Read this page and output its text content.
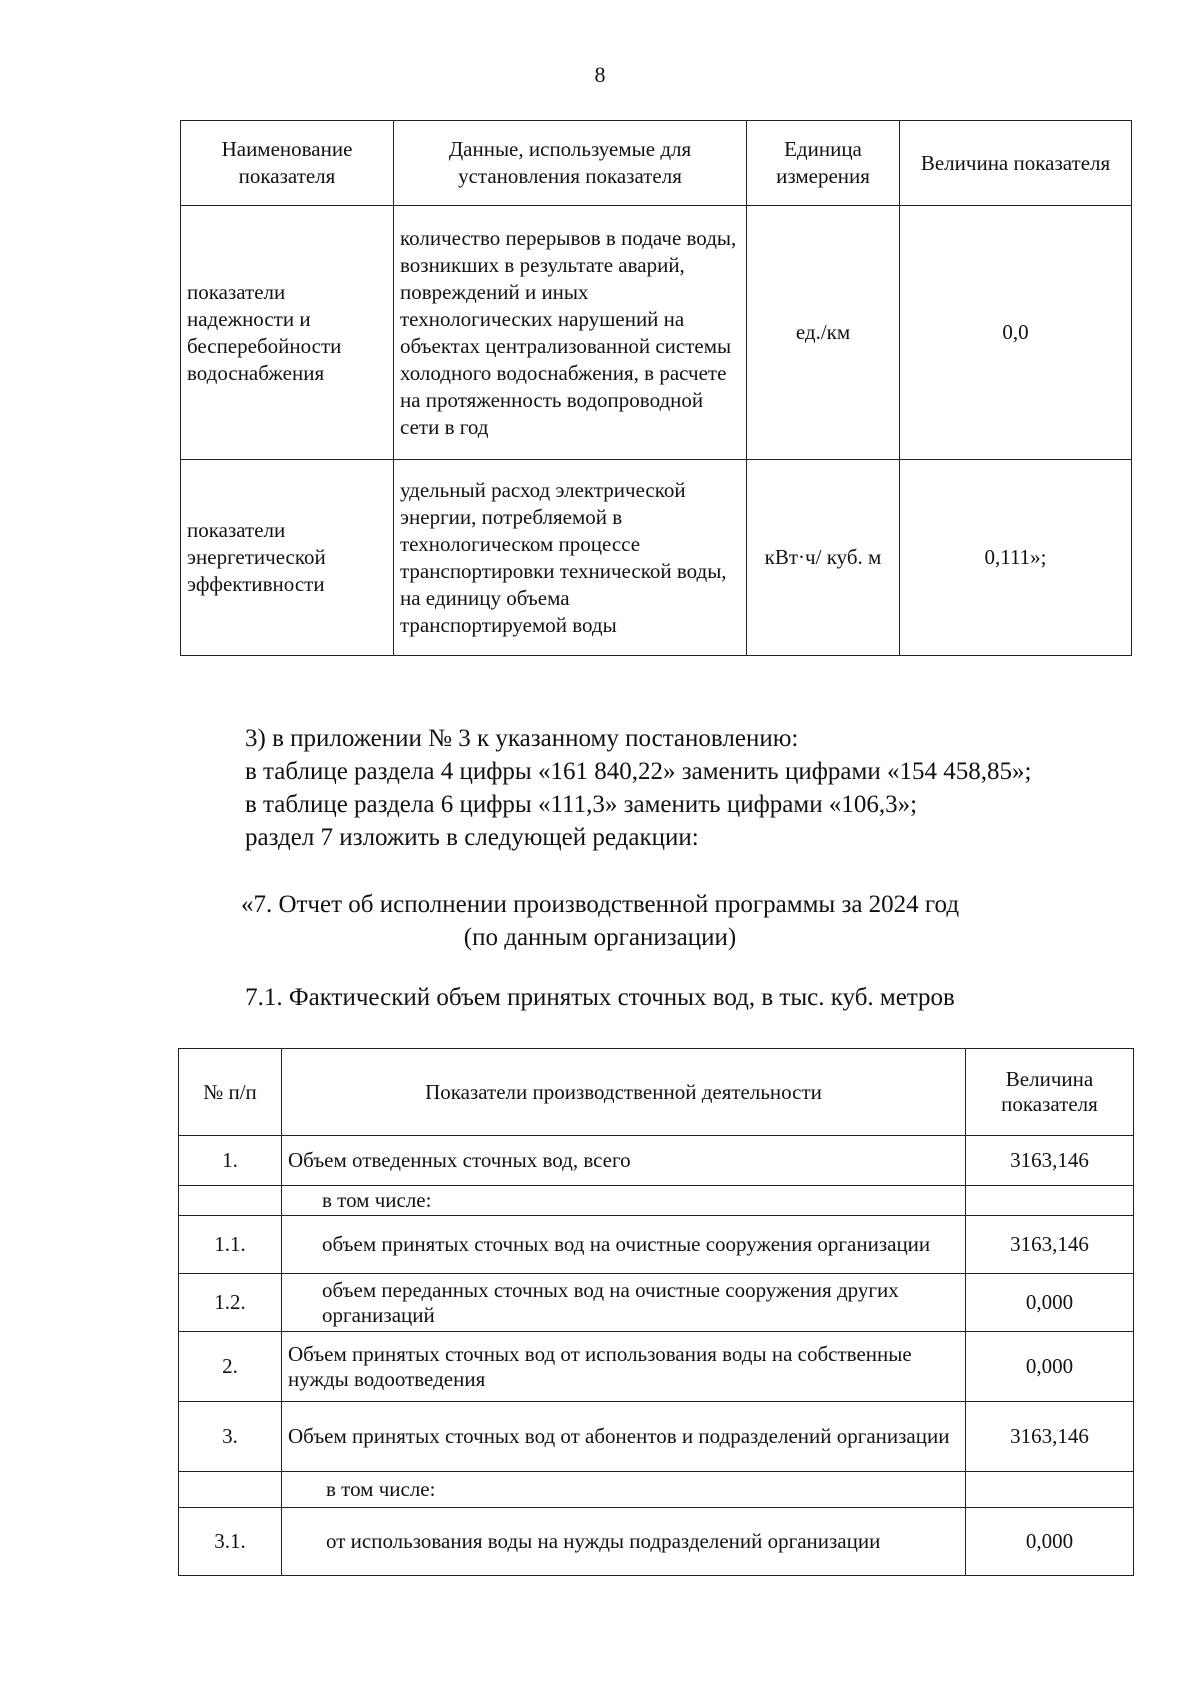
8
Наименование показателя	Данные, используемые для установления показателя	Единица измерения	Величина показателя
показатели надежности и бесперебойности водоснабжения	количество перерывов в подаче воды, возникших в результате аварий, повреждений и иных технологических нарушений на объектах централизованной системы холодного водоснабжения, в расчете на протяженность водопроводной сети в год	ед./км	0,0
показатели энергетической эффективности	удельный расход электрической энергии, потребляемой в технологическом процессе транспортировки технической воды, на единицу объема транспортируемой воды	кВт·ч/ куб. м	0,111»;

3) в приложении № 3 к указанному постановлению:

в таблице раздела 4 цифры «161 840,22» заменить цифрами «154 458,85»;

в таблице раздела 6 цифры «111,3» заменить цифрами «106,3»;

раздел 7 изложить в следующей редакции:

«7. Отчет об исполнении производственной программы за 2024 год
(по данным организации)
7.1. Фактический объем принятых сточных вод, в тыс. куб. метров
№ п/п	Показатели производственной деятельности	Величина показателя
1.	Объем отведенных сточных вод, всего	3163,146
	в том числе:	
1.1.	объем принятых сточных вод на очистные сооружения организации	3163,146
1.2.	объем переданных сточных вод на очистные сооружения других организаций	0,000
2.	Объем принятых сточных вод от использования воды на собственные нужды водоотведения	0,000
3.	Объем принятых сточных вод от абонентов и подразделений организации	3163,146
	в том числе:	
3.1.	от использования воды на нужды подразделений организации	0,000
